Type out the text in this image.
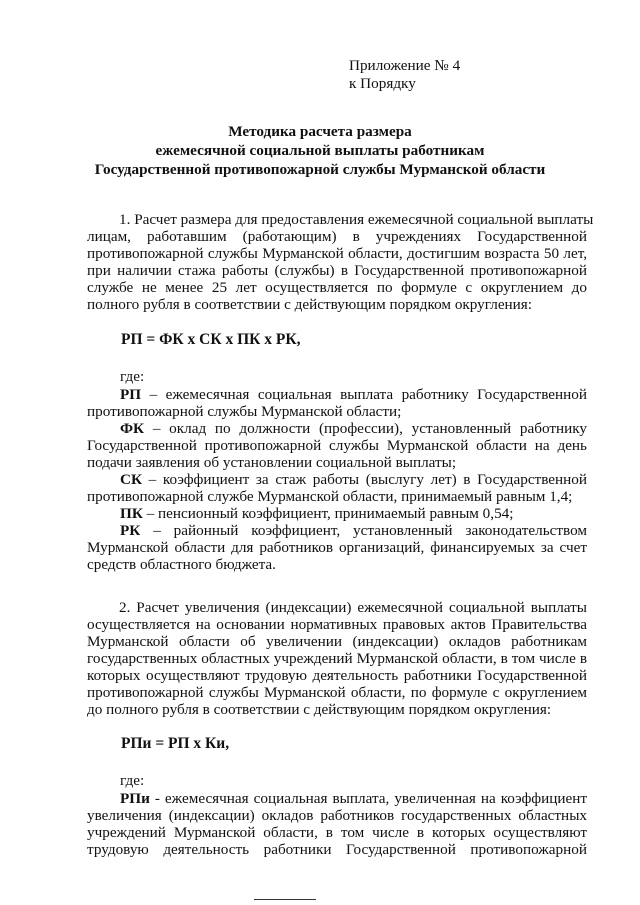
Приложение № 4
к Порядку
Методика расчета размера
ежемесячной социальной выплаты работникам
Государственной противопожарной службы Мурманской области
1. Расчет размера для предоставления ежемесячной социальной выплаты
лицам, работавшим (работающим) в учреждениях Государственной
противопожарной службы Мурманской области, достигшим возраста 50 лет,
при наличии стажа работы (службы) в Государственной противопожарной
службе не менее 25 лет осуществляется по формуле с округлением до
полного рубля в соответствии с действующим порядком округления:
РП = ФК х СК х ПК х РК,
где:
РП – ежемесячная социальная выплата работнику Государственной
противопожарной службы Мурманской области;
ФК – оклад по должности (профессии), установленный работнику
Государственной противопожарной службы Мурманской области на день
подачи заявления об установлении социальной выплаты;
СК – коэффициент за стаж работы (выслугу лет) в Государственной
противопожарной службе Мурманской области, принимаемый равным 1,4;
ПК – пенсионный коэффициент, принимаемый равным 0,54;
РК – районный коэффициент, установленный законодательством
Мурманской области для работников организаций, финансируемых за счет
средств областного бюджета.
2. Расчет увеличения (индексации) ежемесячной социальной выплаты
осуществляется на основании нормативных правовых актов Правительства
Мурманской области об увеличении (индексации) окладов работникам
государственных областных учреждений Мурманской области, в том числе в
которых осуществляют трудовую деятельность работники Государственной
противопожарной службы Мурманской области, по формуле с округлением
до полного рубля в соответствии с действующим порядком округления:
РПи = РП х Ки,
где:
РПи - ежемесячная социальная выплата, увеличенная на коэффициент
увеличения (индексации) окладов работников государственных областных
учреждений Мурманской области, в том числе в которых осуществляют
трудовую деятельность работники Государственной противопожарной
